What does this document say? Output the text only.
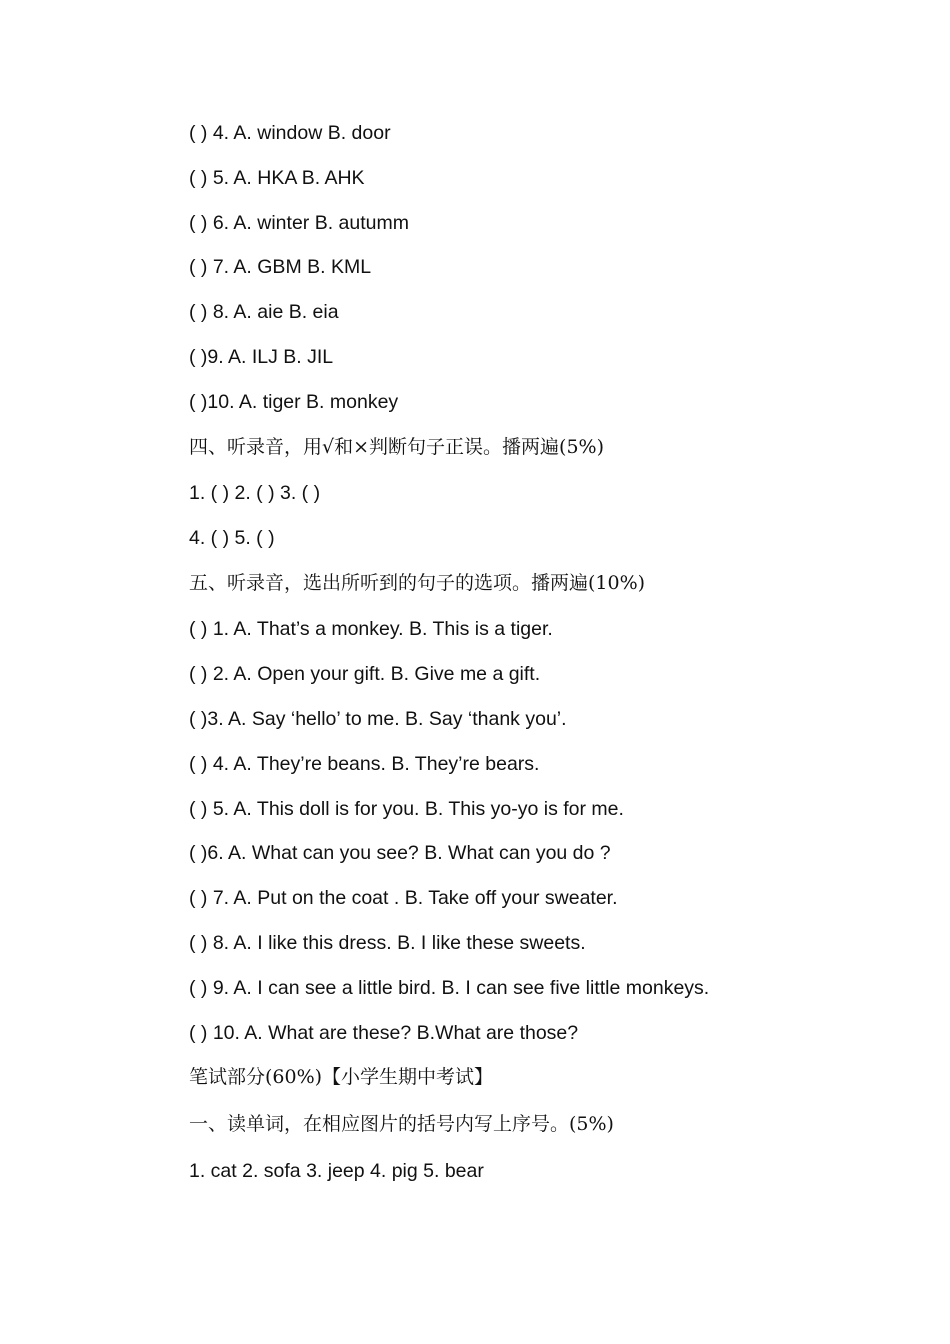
( ) 4. A. window B. door

( ) 5. A. HKA B. AHK

( ) 6. A. winter B. autumm

( ) 7. A. GBM B. KML

( ) 8. A. aie B. eia

( )9. A. ILJ B. JIL

( )10. A. tiger B. monkey

四、听录音，用√和×判断句子正误。播两遍(5%)

1. ( ) 2. ( ) 3. ( )

4. ( ) 5. ( )

五、听录音，选出所听到的句子的选项。播两遍(10%)

( ) 1. A. That’s a monkey. B. This is a tiger.

( ) 2. A. Open your gift. B. Give me a gift.

( )3. A. Say ‘hello’ to me. B. Say ‘thank you’.

( ) 4. A. They’re beans. B. They’re bears.

( ) 5. A. This doll is for you. B. This yo-yo is for me.

( )6. A. What can you see? B. What can you do ?

( ) 7. A. Put on the coat . B. Take off your sweater.

( ) 8. A. I like this dress. B. I like these sweets.

( ) 9. A. I can see a little bird. B. I can see five little monkeys.

( ) 10. A. What are these? B.What are those?

笔试部分(60%)【小学生期中考试】

一、读单词，在相应图片的括号内写上序号。(5%)

1. cat 2. sofa 3. jeep 4. pig 5. bear
